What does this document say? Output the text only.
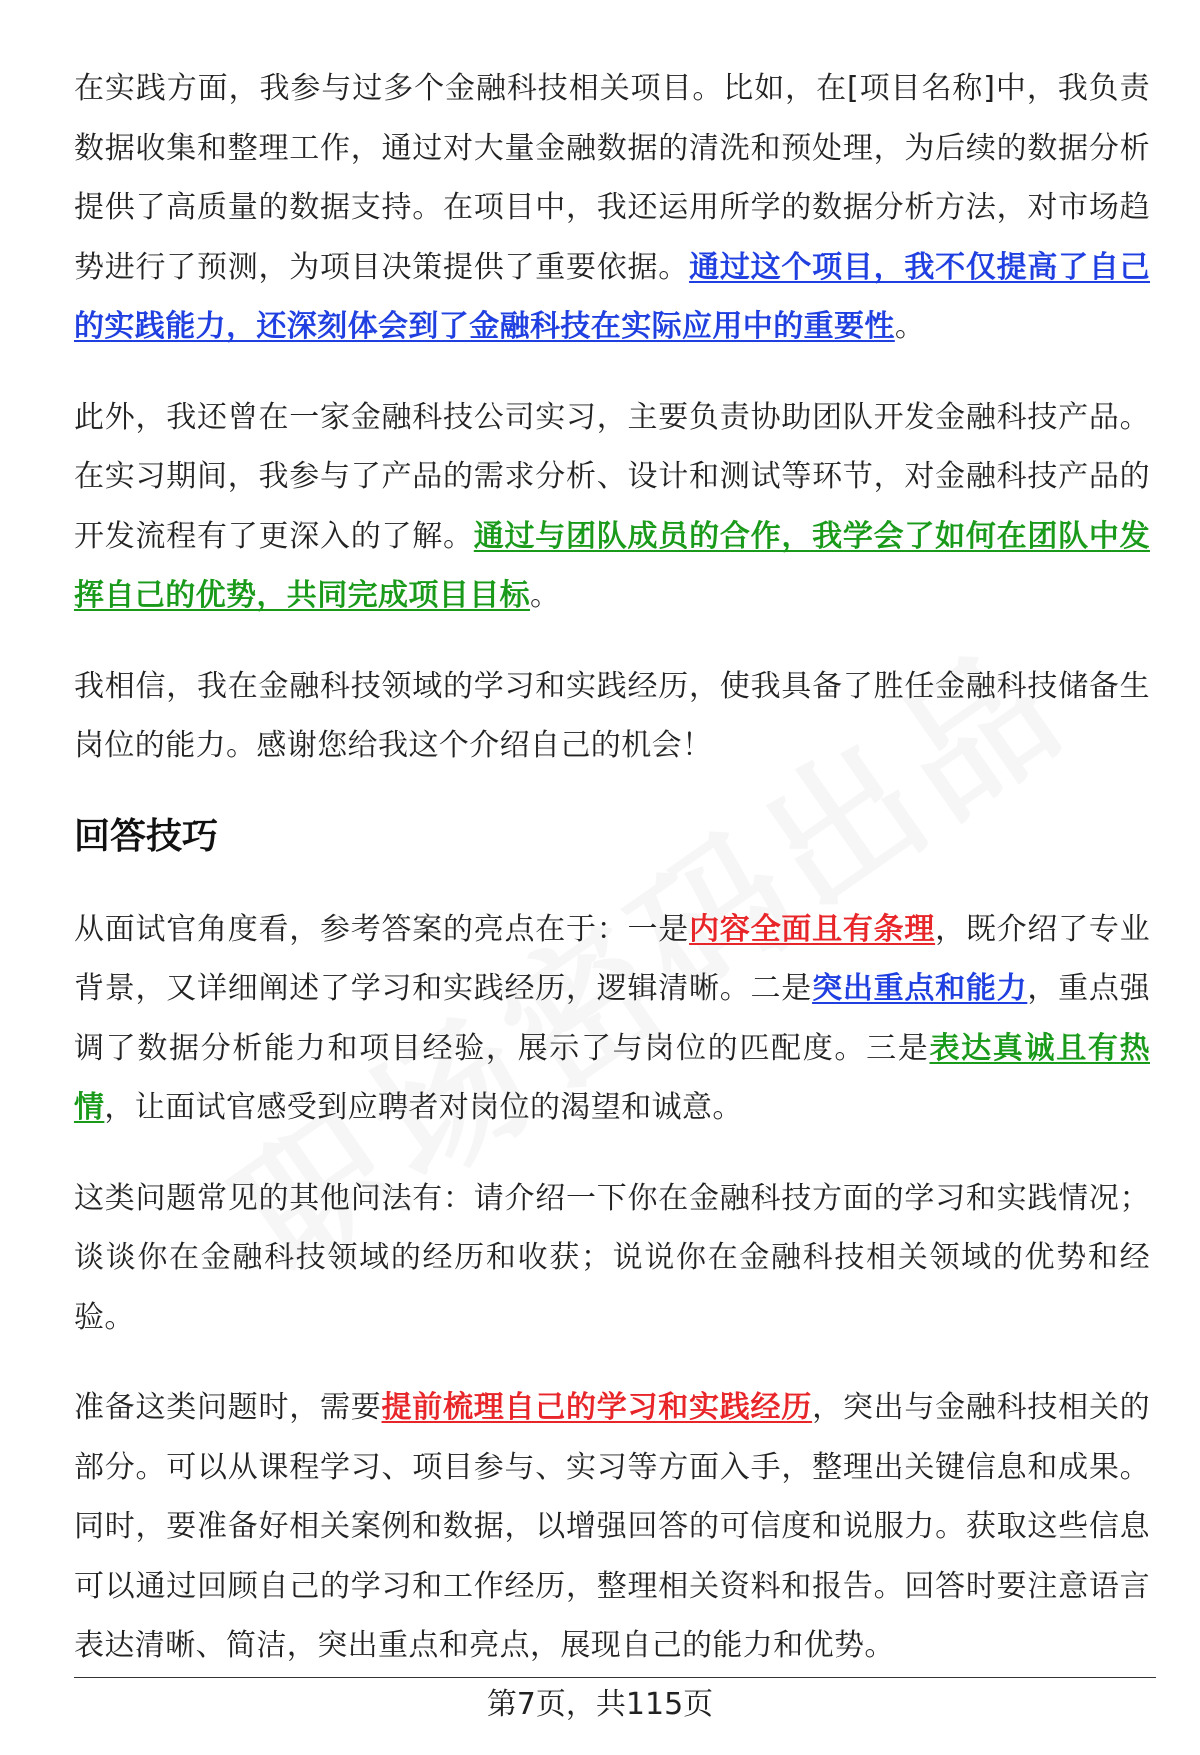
在实践方面，我参与过多个金融科技相关项目。比如，在[项目名称]中，我负责数据收集和整理工作，通过对大量金融数据的清洗和预处理，为后续的数据分析提供了高质量的数据支持。在项目中，我还运用所学的数据分析方法，对市场趋势进行了预测，为项目决策提供了重要依据。通过这个项目，我不仅提高了自己的实践能力，还深刻体会到了金融科技在实际应用中的重要性。

此外，我还曾在一家金融科技公司实习，主要负责协助团队开发金融科技产品。在实习期间，我参与了产品的需求分析、设计和测试等环节，对金融科技产品的开发流程有了更深入的了解。通过与团队成员的合作，我学会了如何在团队中发挥自己的优势，共同完成项目目标。

我相信，我在金融科技领域的学习和实践经历，使我具备了胜任金融科技储备生岗位的能力。感谢您给我这个介绍自己的机会！

回答技巧

从面试官角度看，参考答案的亮点在于：一是内容全面且有条理，既介绍了专业背景，又详细阐述了学习和实践经历，逻辑清晰。二是突出重点和能力，重点强调了数据分析能力和项目经验，展示了与岗位的匹配度。三是表达真诚且有热情，让面试官感受到应聘者对岗位的渴望和诚意。

这类问题常见的其他问法有：请介绍一下你在金融科技方面的学习和实践情况；谈谈你在金融科技领域的经历和收获；说说你在金融科技相关领域的优势和经验。

准备这类问题时，需要提前梳理自己的学习和实践经历，突出与金融科技相关的部分。可以从课程学习、项目参与、实习等方面入手，整理出关键信息和成果。同时，要准备好相关案例和数据，以增强回答的可信度和说服力。获取这些信息可以通过回顾自己的学习和工作经历，整理相关资料和报告。回答时要注意语言表达清晰、简洁，突出重点和亮点，展现自己的能力和优势。

第7页，共115页
